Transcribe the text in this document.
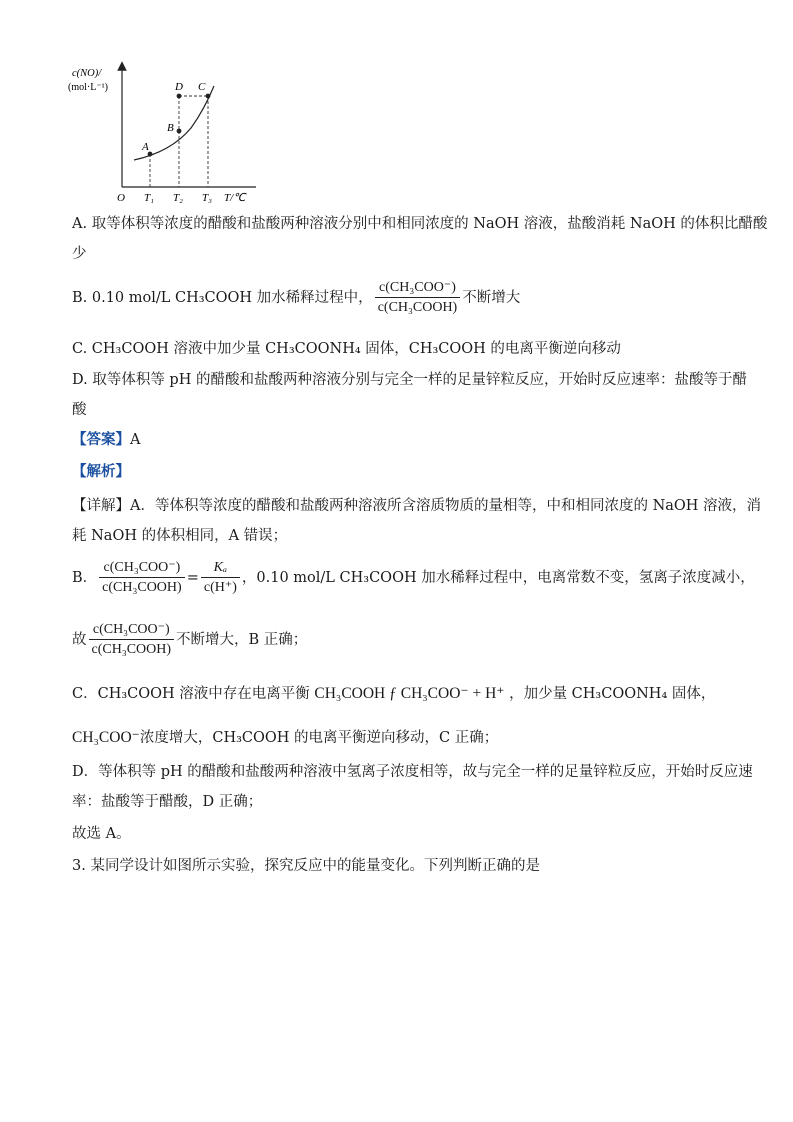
c(NO)/
(mol·L⁻¹)
A
B
C
D
O T₁ T₂ T₃ T/℃
A. 取等体积等浓度的醋酸和盐酸两种溶液分别中和相同浓度的 NaOH 溶液，盐酸消耗 NaOH 的体积比醋酸
少
B. 0.10 mol/L CH₃COOH 加水稀释过程中， $\frac{\text{c(CH₃COO⁻)}}{\text{c(CH₃COOH)}}$ 不断增大
C. CH₃COOH 溶液中加少量 CH₃COONH₄ 固体，CH₃COOH 的电离平衡逆向移动
D. 取等体积等 pH 的醋酸和盐酸两种溶液分别与完全一样的足量锌粒反应，开始时反应速率：盐酸等于醋
酸
【答案】A
【解析】
【详解】A．等体积等浓度的醋酸和盐酸两种溶液所含溶质物质的量相等，中和相同浓度的 NaOH 溶液，消
耗 NaOH 的体积相同，A 错误；
B． $\frac{\text{c(CH₃COO⁻)}}{\text{c(CH₃COOH)}} = \frac{\text{Kₐ}}{c(H^+)}$ ，0.10 mol/L CH₃COOH 加水稀释过程中，电离常数不变，氢离子浓度减小，
故 $\frac{\text{c(CH₃COO⁻)}}{\text{c(CH₃COOH)}}$ 不断增大，B 正确；
C．CH₃COOH 溶液中存在电离平衡 CH₃COOH ƒ CH₃COO⁻ + H⁺ ，加少量 CH₃COONH₄ 固体，
CH₃COO⁻浓度增大，CH₃COOH 的电离平衡逆向移动，C 正确；
D．等体积等 pH 的醋酸和盐酸两种溶液中氢离子浓度相等，故与完全一样的足量锌粒反应，开始时反应速
率：盐酸等于醋酸，D 正确；
故选 A。
3. 某同学设计如图所示实验，探究反应中的能量变化。下列判断正确的是
